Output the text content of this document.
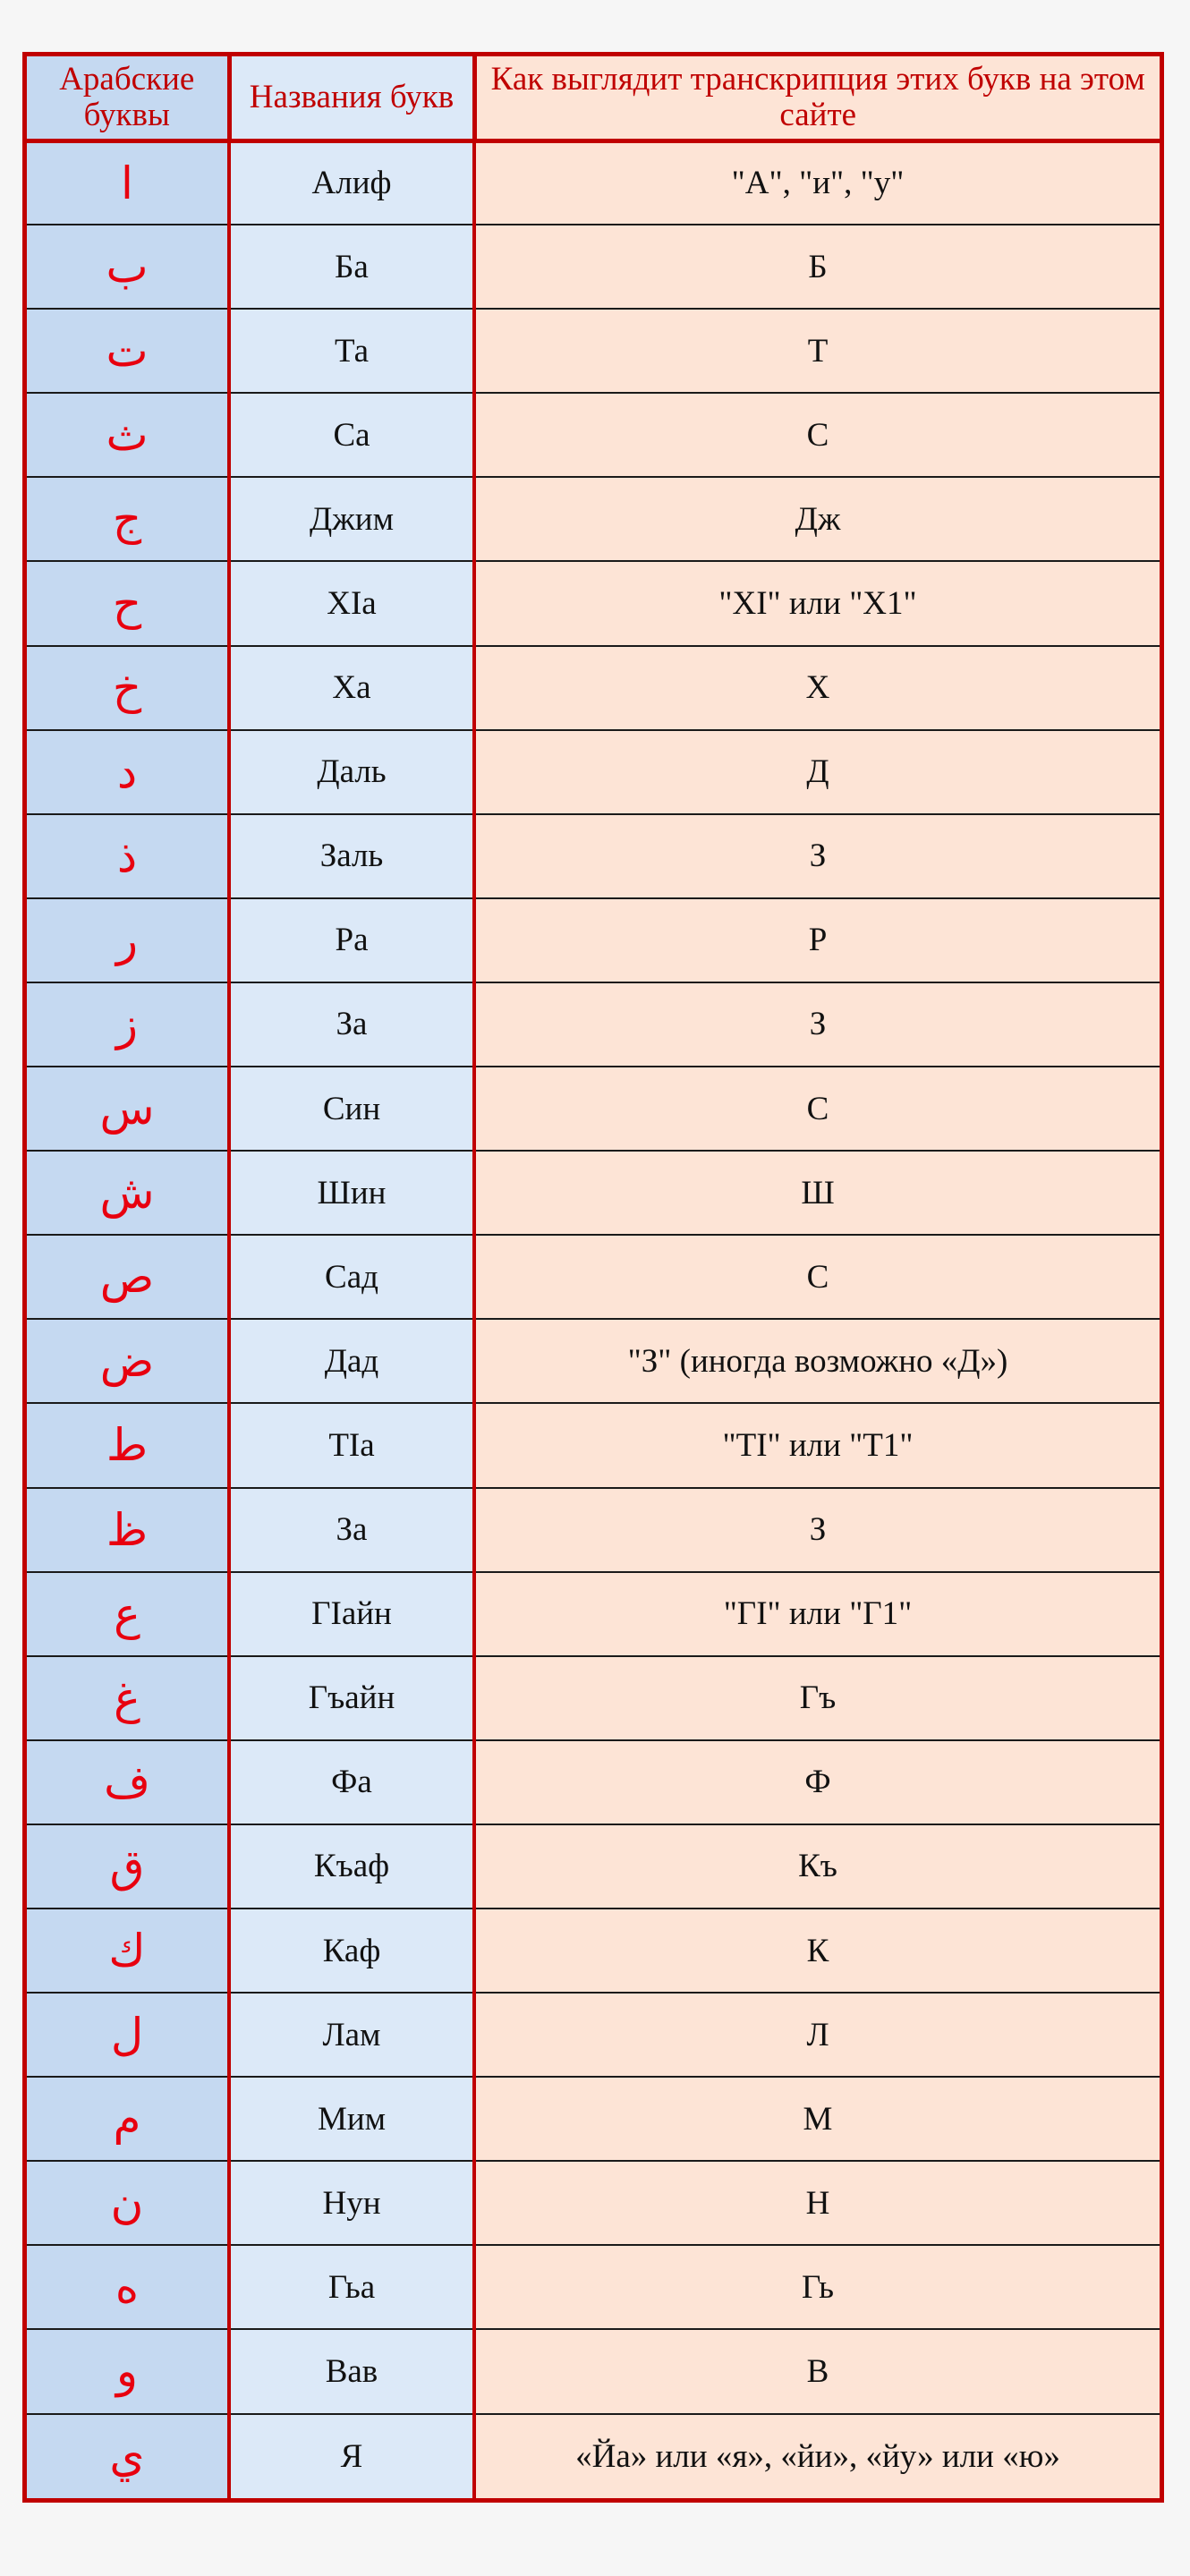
Арабские буквы	Названия букв	Как выглядит транскрипция этих букв на этом сайте
ا	Алиф	"А", "и", "у"
ب	Ба	Б
ت	Та	Т
ث	Са	С
ج	Джим	Дж
ح	ХIа	"ХI" или "Х1"
خ	Ха	Х
د	Даль	Д
ذ	Заль	З
ر	Ра	Р
ز	За	З
س	Син	С
ش	Шин	Ш
ص	Сад	С
ض	Дад	"З" (иногда возможно «Д»)
ط	ТIа	"ТI" или "Т1"
ظ	За	З
ع	ГIайн	"ГI" или "Г1"
غ	Гъайн	Гъ
ف	Фа	Ф
ق	Къаф	Къ
ك	Каф	К
ل	Лам	Л
م	Мим	М
ن	Нун	Н
ه	Гьа	Гь
و	Вав	В
ي	Я	«Йа» или «я», «йи», «йу» или «ю»
